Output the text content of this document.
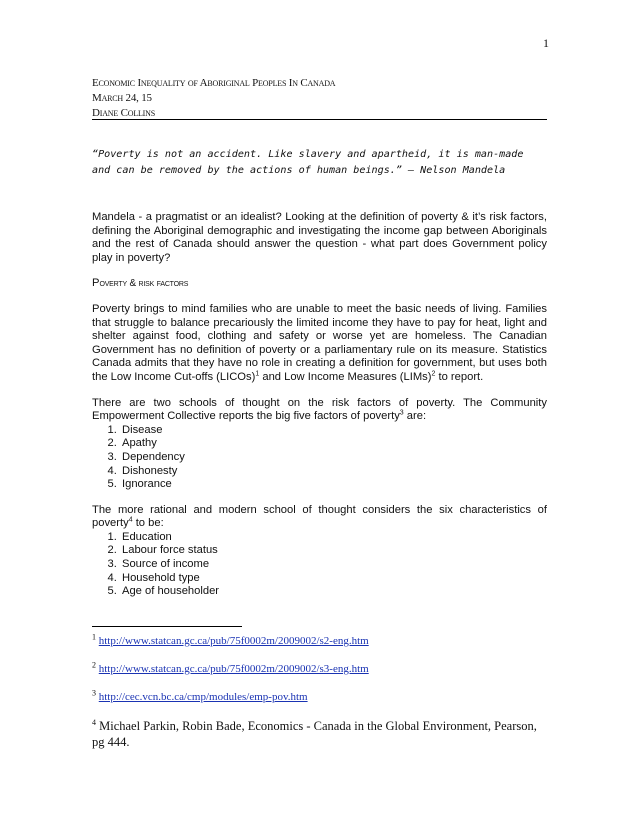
1
Economic Inequality of Aboriginal Peoples In Canada
March 24, 15
Diane Collins
“Poverty is not an accident. Like slavery and apartheid, it is man-made and can be removed by the actions of human beings.” – Nelson Mandela

Mandela - a pragmatist or an idealist? Looking at the definition of poverty & it’s risk factors, defining the Aboriginal demographic and investigating the income gap between Aboriginals and the rest of Canada should answer the question - what part does Government policy play in poverty?

Poverty & risk factors

Poverty brings to mind families who are unable to meet the basic needs of living. Families that struggle to balance precariously the limited income they have to pay for heat, light and shelter against food, clothing and safety or worse yet are homeless. The Canadian Government has no definition of poverty or a parliamentary rule on its measure. Statistics Canada admits that they have no role in creating a definition for government, but uses both the Low Income Cut-offs (LICOs)$^1$ and Low Income Measures (LIMs)$^2$ to report.

There are two schools of thought on the risk factors of poverty. The Community Empowerment Collective reports the big five factors of poverty$^3$ are:

1. Disease
2. Apathy
3. Dependency
4. Dishonesty
5. Ignorance

The more rational and modern school of thought considers the six characteristics of poverty$^4$ to be:

1. Education
2. Labour force status
3. Source of income
4. Household type
5. Age of householder
$^1$ http://www.statcan.gc.ca/pub/75f0002m/2009002/s2-eng.htm
$^2$ http://www.statcan.gc.ca/pub/75f0002m/2009002/s3-eng.htm
$^3$ http://cec.vcn.bc.ca/cmp/modules/emp-pov.htm
$^4$ Michael Parkin, Robin Bade, Economics - Canada in the Global Environment, Pearson, pg 444.
